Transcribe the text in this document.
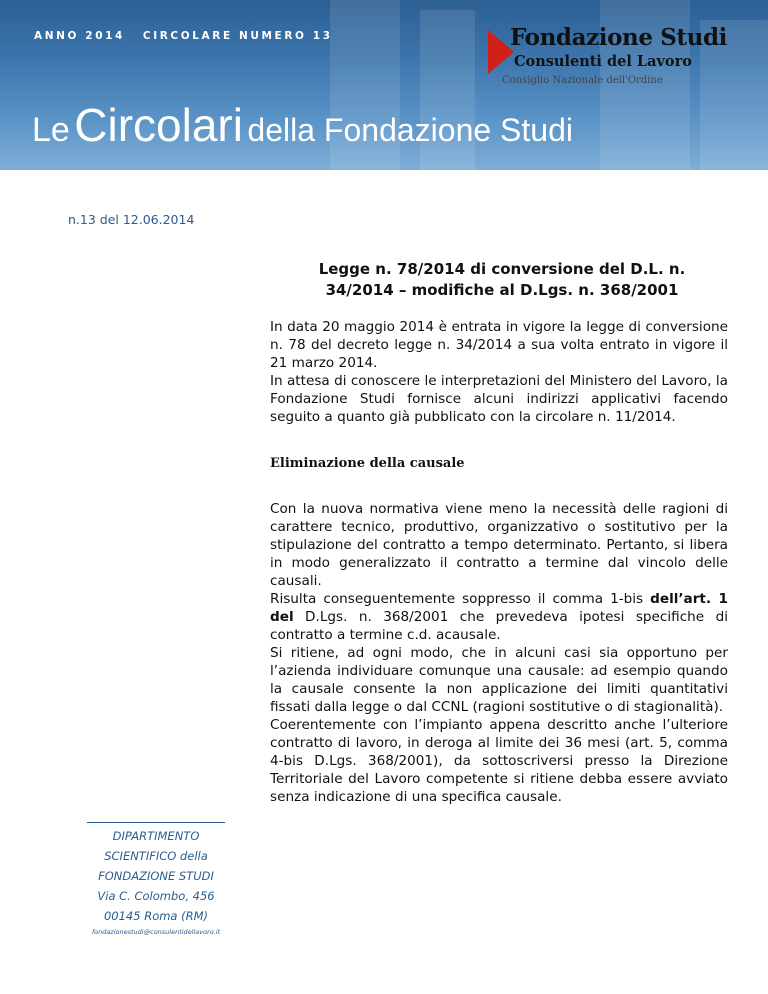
ANNO 2014 CIRCOLARE NUMERO 13	Fondazione Studi
Consulenti del Lavoro
Consiglio Nazionale dell'Ordine
Le Circolari della Fondazione Studi
n.13 del 12.06.2014
Legge n. 78/2014 di conversione del D.L. n.
34/2014 – modifiche al D.Lgs. n. 368/2001

In data 20 maggio 2014 è entrata in vigore la legge di conversione n. 78 del decreto legge n. 34/2014 a sua volta entrato in vigore il 21 marzo 2014.

In attesa di conoscere le interpretazioni del Ministero del Lavoro, la Fondazione Studi fornisce alcuni indirizzi applicativi facendo seguito a quanto già pubblicato con la circolare n. 11/2014.

Eliminazione della causale

Con la nuova normativa viene meno la necessità delle ragioni di carattere tecnico, produttivo, organizzativo o sostitutivo per la stipulazione del contratto a tempo determinato. Pertanto, si libera in modo generalizzato il contratto a termine dal vincolo delle causali.

Risulta conseguentemente soppresso il comma 1-bis dell’art. 1 del D.Lgs. n. 368/2001 che prevedeva ipotesi specifiche di contratto a termine c.d. acausale.

Si ritiene, ad ogni modo, che in alcuni casi sia opportuno per l’azienda individuare comunque una causale: ad esempio quando la causale consente la non applicazione dei limiti quantitativi fissati dalla legge o dal CCNL (ragioni sostitutive o di stagionalità).

Coerentemente con l’impianto appena descritto anche l’ulteriore contratto di lavoro, in deroga al limite dei 36 mesi (art. 5, comma 4-bis D.Lgs. 368/2001), da sottoscriversi presso la Direzione Territoriale del Lavoro competente si ritiene debba essere avviato senza indicazione di una specifica causale.

DIPARTIMENTO
SCIENTIFICO della
FONDAZIONE STUDI
Via C. Colombo, 456
00145 Roma (RM)
fondazionestudi@consulentidellavoro.it
